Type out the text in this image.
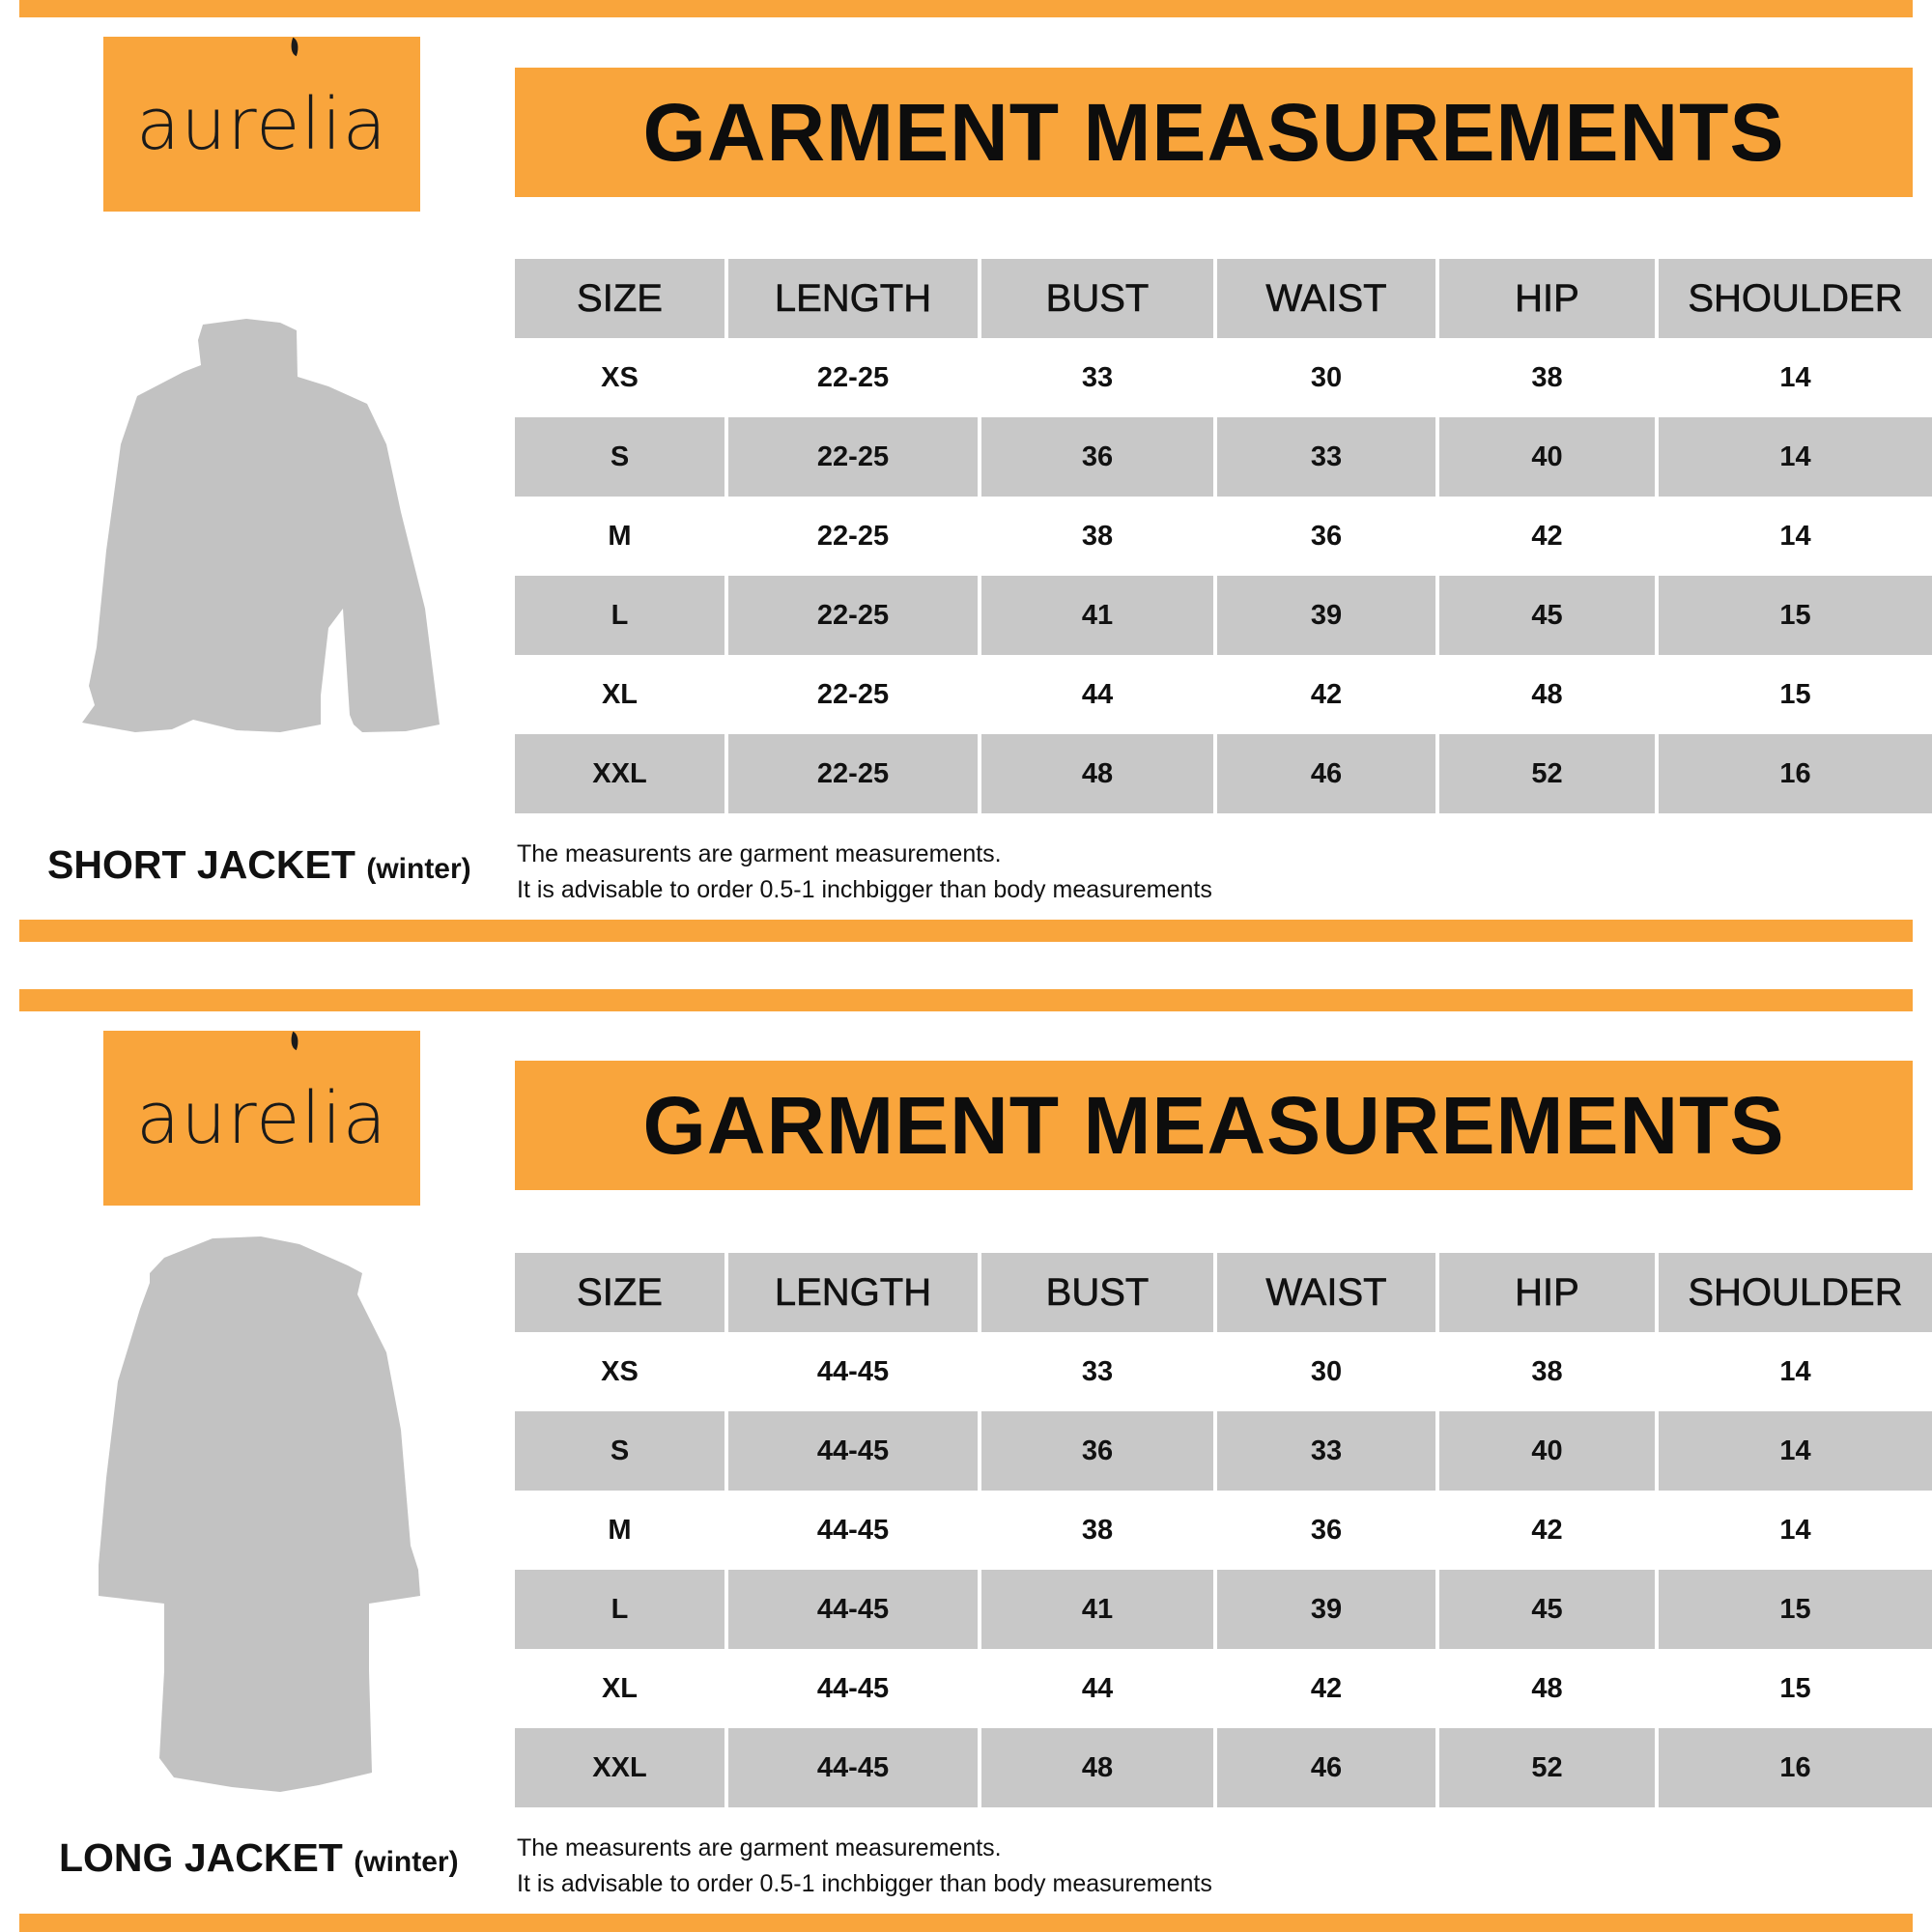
aurelia	GARMENT MEASUREMENTS
SHORT JACKET (winter)
SIZE	LENGTH	BUST	WAIST	HIP	SHOULDER
XS	22-25	33	30	38	14
S	22-25	36	33	40	14
M	22-25	38	36	42	14
L	22-25	41	39	45	15
XL	22-25	44	42	48	15
XXL	22-25	48	46	52	16
The measurents are garment measurements.
It is advisable to order 0.5-1 inchbigger than body measurements
aurelia	GARMENT MEASUREMENTS
LONG JACKET (winter)
SIZE	LENGTH	BUST	WAIST	HIP	SHOULDER
XS	44-45	33	30	38	14
S	44-45	36	33	40	14
M	44-45	38	36	42	14
L	44-45	41	39	45	15
XL	44-45	44	42	48	15
XXL	44-45	48	46	52	16
The measurents are garment measurements.
It is advisable to order 0.5-1 inchbigger than body measurements
